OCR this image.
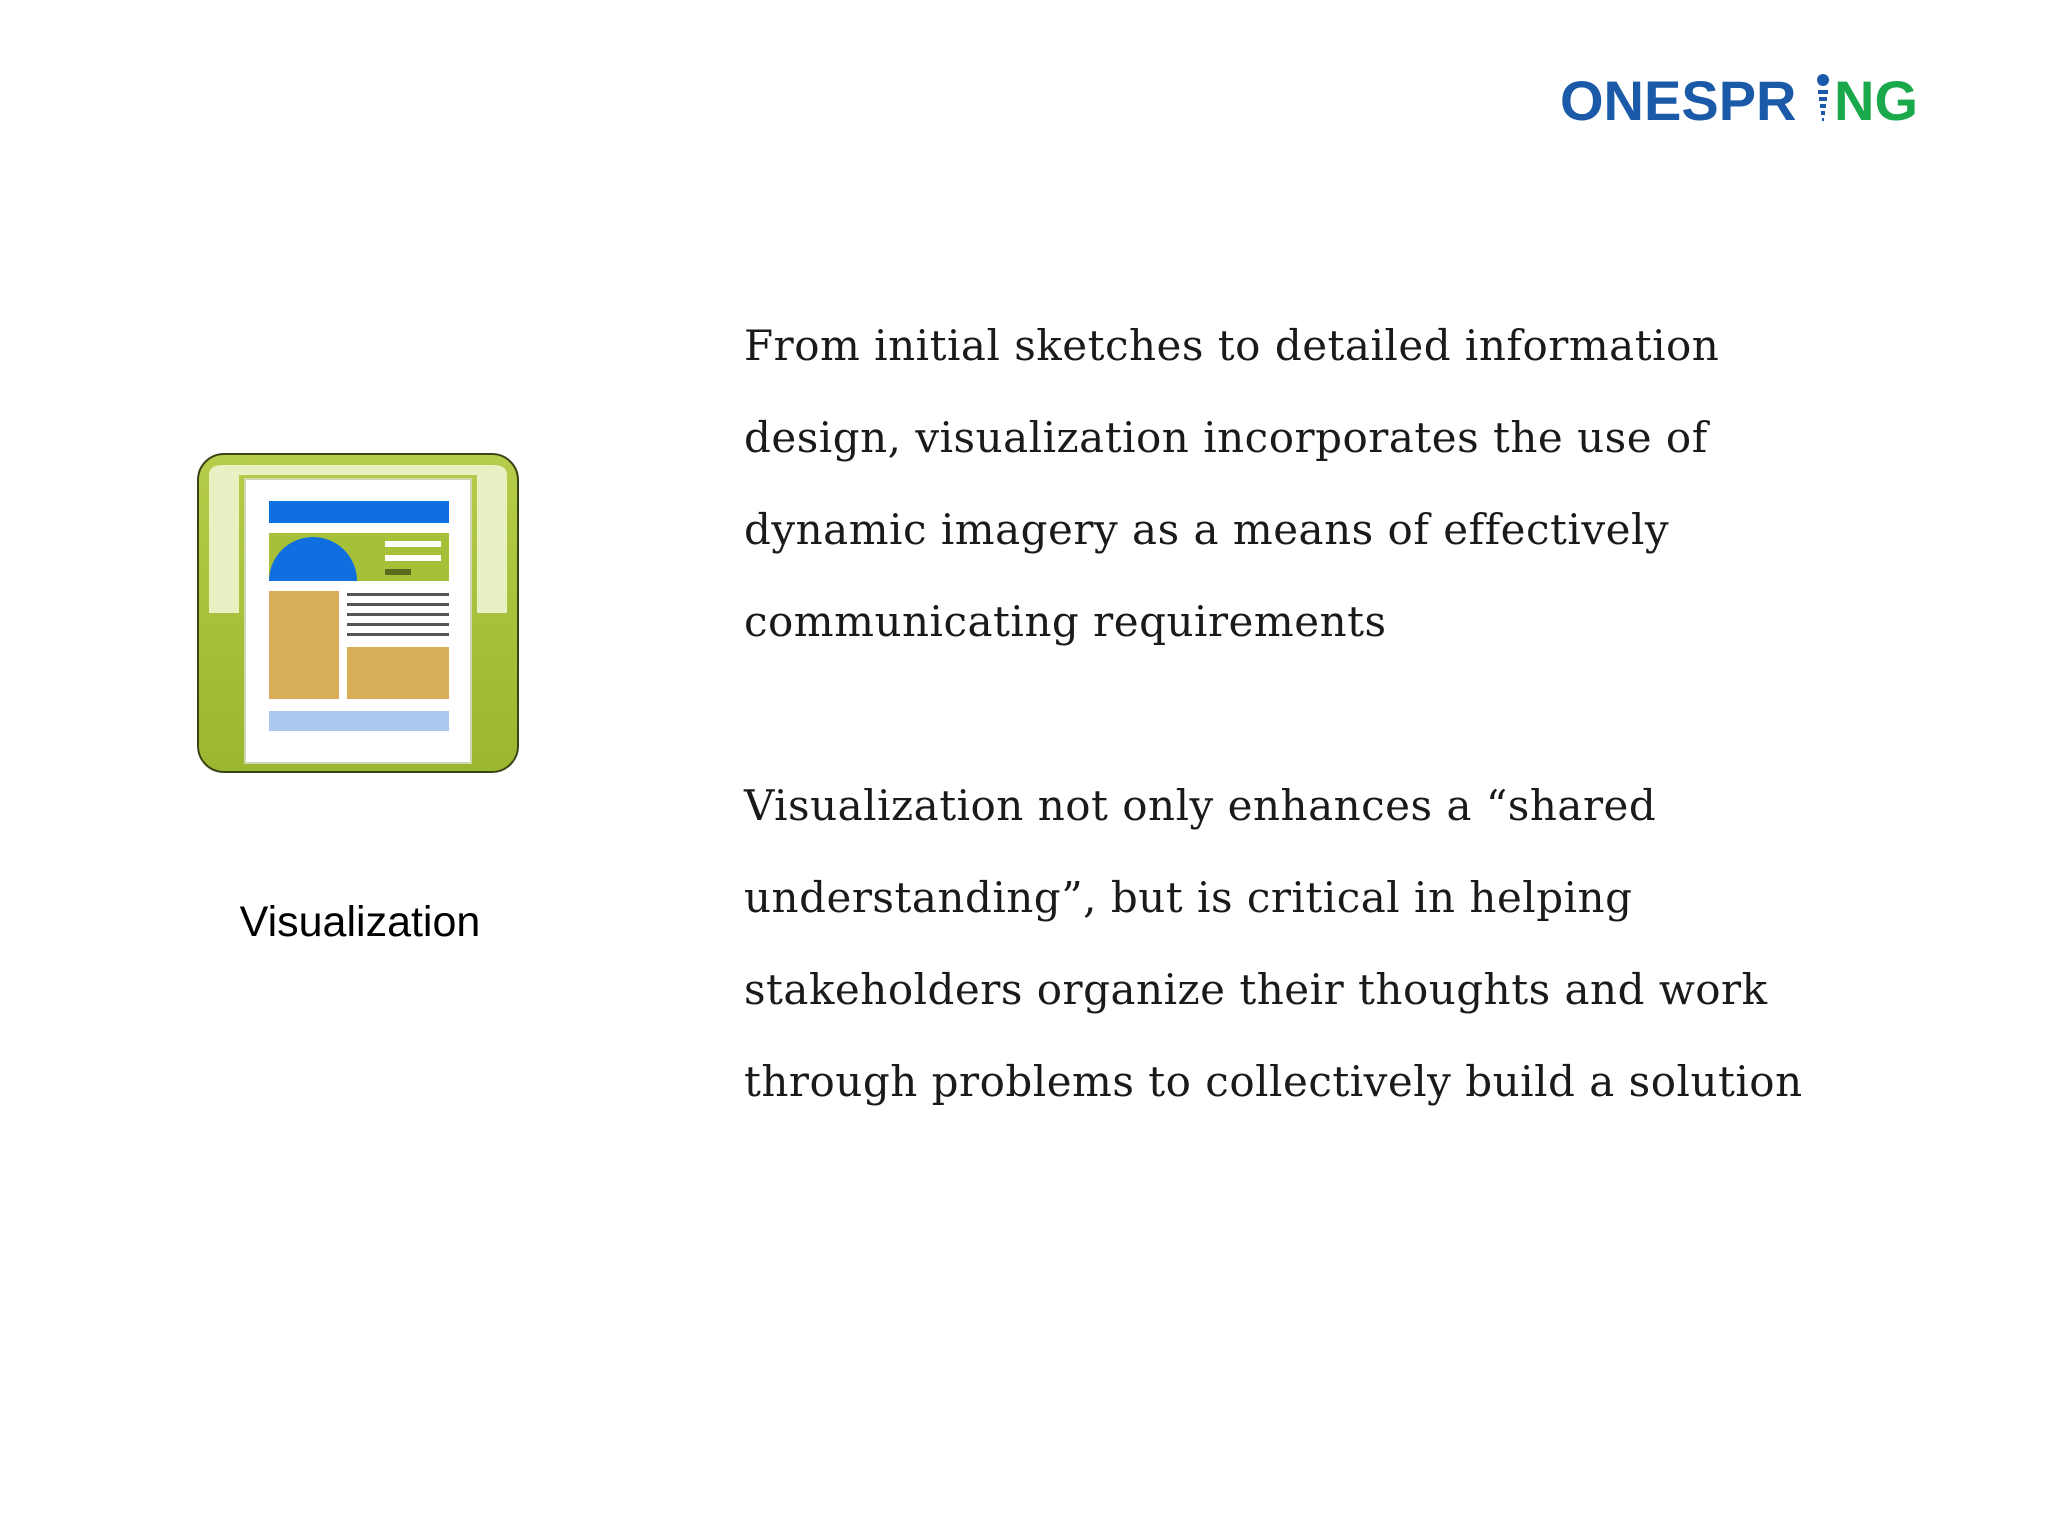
ONESPR NG
Visualization
From initial sketches to detailed information
design, visualization incorporates the use of
dynamic imagery as a means of effectively
communicating requirements
Visualization not only enhances a “shared
understanding”, but is critical in helping
stakeholders organize their thoughts and work
through problems to collectively build a solution
